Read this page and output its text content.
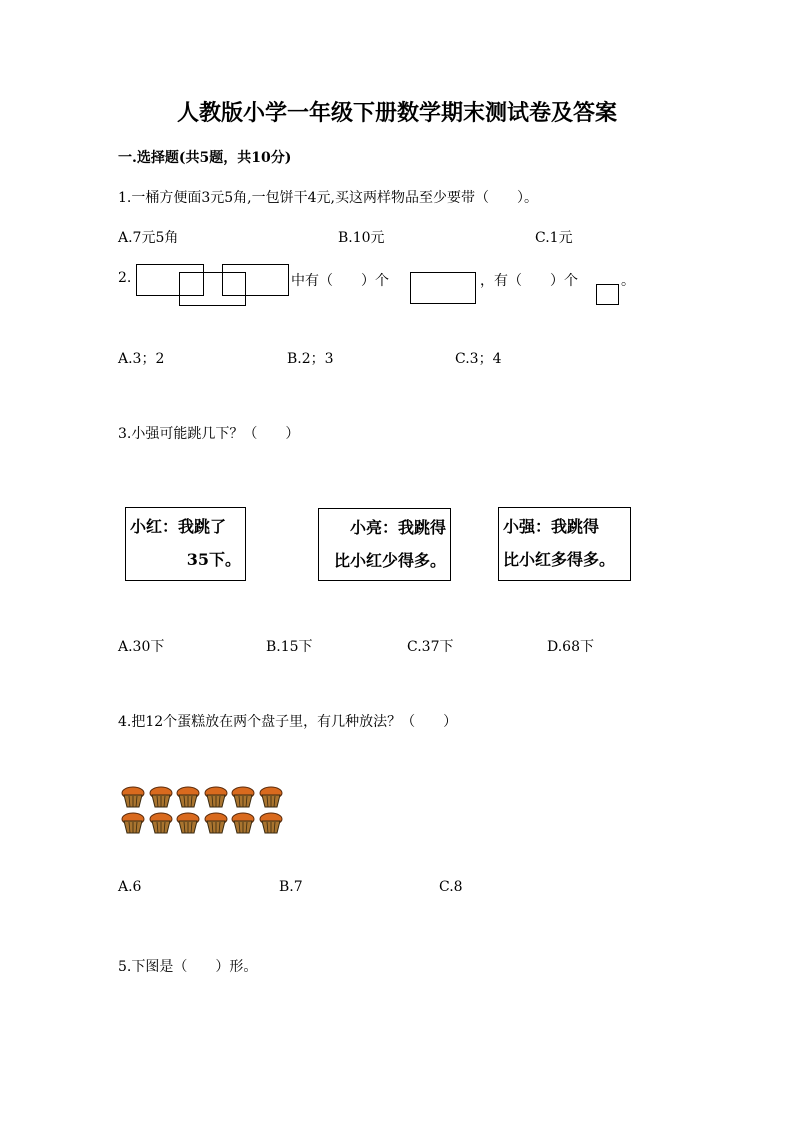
人教版小学一年级下册数学期末测试卷及答案
一.选择题(共5题，共10分)
1.一桶方便面3元5角,一包饼干4元,买这两样物品至少要带（　　）。
A.7元5角	B.10元	C.1元
2.	中有（　　）个	，有（　　）个	。
A.3；2	B.2；3	C.3；4
3.小强可能跳几下？（　　）
小红：我跳了
35下。
小亮：我跳得
比小红少得多。
小强：我跳得
比小红多得多。
A.30下	B.15下	C.37下	D.68下
4.把12个蛋糕放在两个盘子里，有几种放法？（　　）
A.6	B.7	C.8
5.下图是（　　）形。
